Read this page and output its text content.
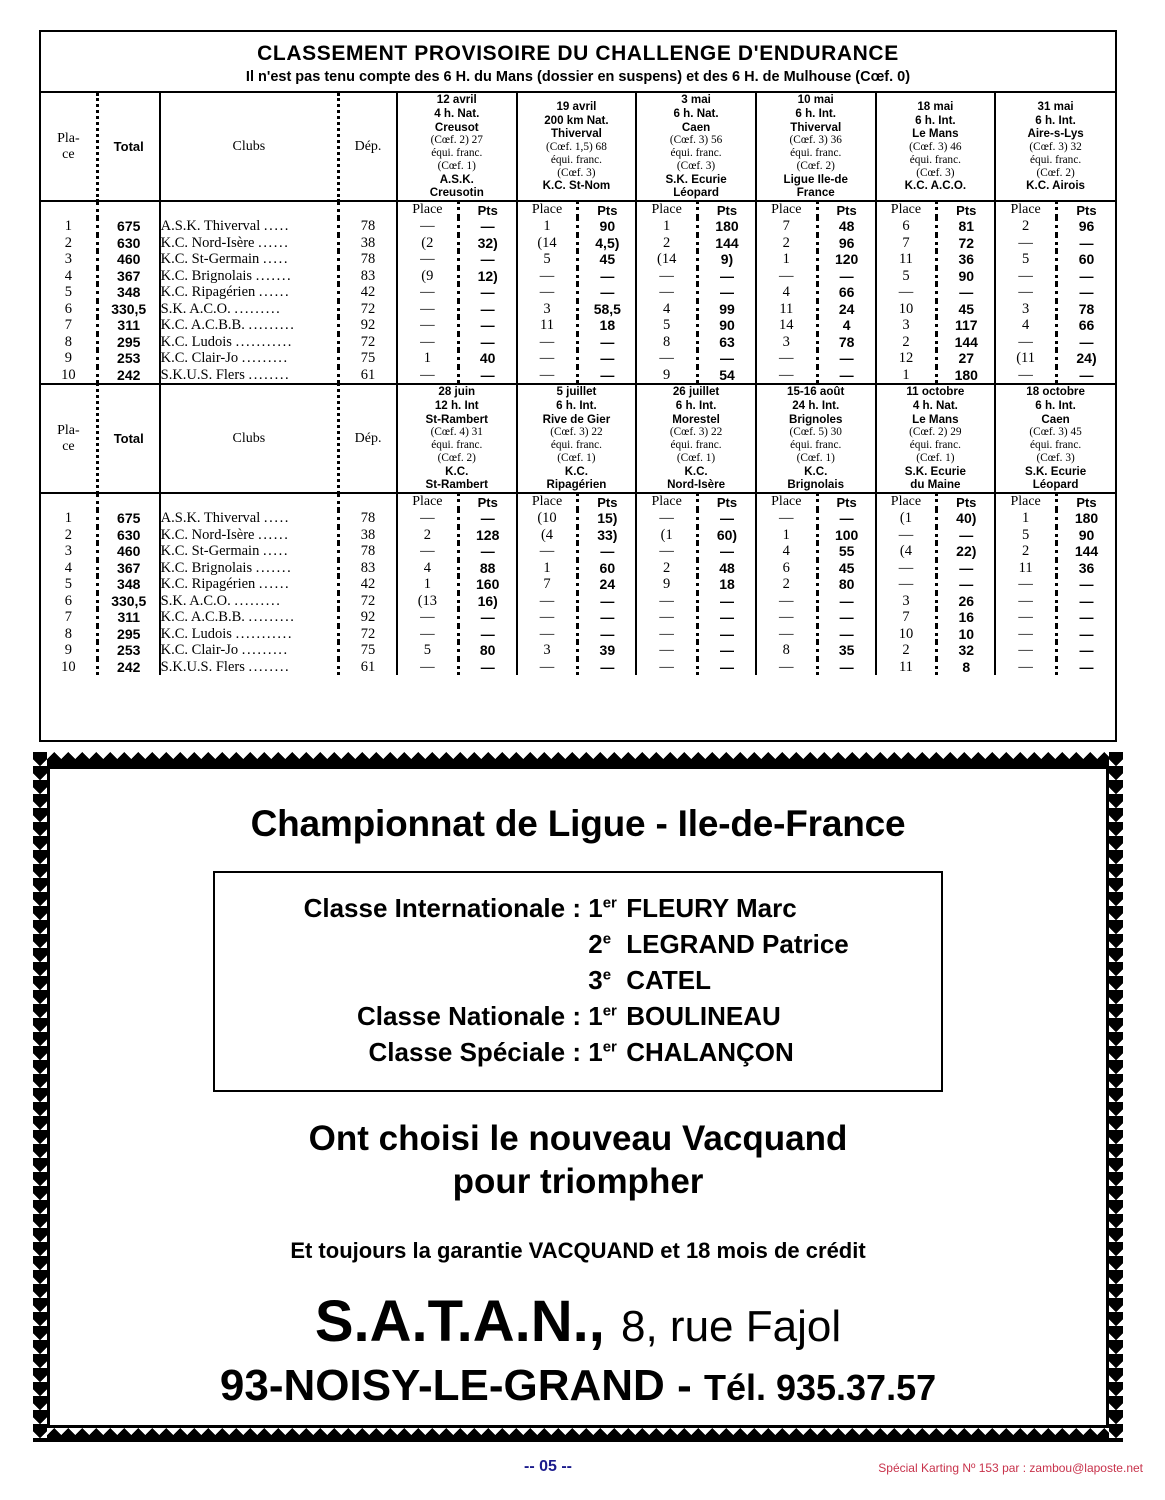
CLASSEMENT PROVISOIRE DU CHALLENGE D'ENDURANCE
Il n'est pas tenu compte des 6 H. du Mans (dossier en suspens) et des 6 H. de Mulhouse (Cœf. 0)
Pla-
ce	Total	Clubs	Dép.	12 avril
4 h. Nat.
Creusot
(Cœf. 2) 27
équi. franc.
(Cœf. 1)
A.S.K.
Creusotin	19 avril
200 km Nat.
Thiverval
(Cœf. 1,5) 68
équi. franc.
(Cœf. 3)
K.C. St-Nom	3 mai
6 h. Nat.
Caen
(Cœf. 3) 56
équi. franc.
(Cœf. 3)
S.K. Ecurie
Léopard	10 mai
6 h. Int.
Thiverval
(Cœf. 3) 36
équi. franc.
(Cœf. 2)
Ligue Ile-de
France	18 mai
6 h. Int.
Le Mans
(Cœf. 3) 46
équi. franc.
(Cœf. 3)
K.C. A.C.O.	31 mai
6 h. Int.
Aire-s-Lys
(Cœf. 3) 32
équi. franc.
(Cœf. 2)
K.C. Airois
				Place	Pts	Place	Pts	Place	Pts	Place	Pts	Place	Pts	Place	Pts
1	675	A.S.K. Thiverval .....	78	—	—	1	90	1	180	7	48	6	81	2	96
2	630	K.C. Nord-Isère ......	38	(2	32)	(14	4,5)	2	144	2	96	7	72	—	—
3	460	K.C. St-Germain .....	78	—	—	5	45	(14	9)	1	120	11	36	5	60
4	367	K.C. Brignolais .......	83	(9	12)	—	—	—	—	—	—	5	90	—	—
5	348	K.C. Ripagérien ......	42	—	—	—	—	—	—	4	66	—	—	—	—
6	330,5	S.K. A.C.O. .........	72	—	—	3	58,5	4	99	11	24	10	45	3	78
7	311	K.C. A.C.B.B. .........	92	—	—	11	18	5	90	14	4	3	117	4	66
8	295	K.C. Ludois ...........	72	—	—	—	—	8	63	3	78	2	144	—	—
9	253	K.C. Clair-Jo .........	75	1	40	—	—	—	—	—	—	12	27	(11	24)
10	242	S.K.U.S. Flers ........	61	—	—	—	—	9	54	—	—	1	180	—	—
Pla-
ce	Total	Clubs	Dép.	28 juin
12 h. Int
St-Rambert
(Cœf. 4) 31
équi. franc.
(Cœf. 2)
K.C.
St-Rambert	5 juillet
6 h. Int.
Rive de Gier
(Cœf. 3) 22
équi. franc.
(Cœf. 1)
K.C.
Ripagérien	26 juillet
6 h. Int.
Morestel
(Cœf. 3) 22
équi. franc.
(Cœf. 1)
K.C.
Nord-Isère	15-16 août
24 h. Int.
Brignoles
(Cœf. 5) 30
équi. franc.
(Cœf. 1)
K.C.
Brignolais	11 octobre
4 h. Nat.
Le Mans
(Cœf. 2) 29
équi. franc.
(Cœf. 1)
S.K. Ecurie
du Maine	18 octobre
6 h. Int.
Caen
(Cœf. 3) 45
équi. franc.
(Cœf. 3)
S.K. Ecurie
Léopard
				Place	Pts	Place	Pts	Place	Pts	Place	Pts	Place	Pts	Place	Pts
1	675	A.S.K. Thiverval .....	78	—	—	(10	15)	—	—	—	—	(1	40)	1	180
2	630	K.C. Nord-Isère ......	38	2	128	(4	33)	(1	60)	1	100	—	—	5	90
3	460	K.C. St-Germain .....	78	—	—	—	—	—	—	4	55	(4	22)	2	144
4	367	K.C. Brignolais .......	83	4	88	1	60	2	48	6	45	—	—	11	36
5	348	K.C. Ripagérien ......	42	1	160	7	24	9	18	2	80	—	—	—	—
6	330,5	S.K. A.C.O. .........	72	(13	16)	—	—	—	—	—	—	3	26	—	—
7	311	K.C. A.C.B.B. .........	92	—	—	—	—	—	—	—	—	7	16	—	—
8	295	K.C. Ludois ...........	72	—	—	—	—	—	—	—	—	10	10	—	—
9	253	K.C. Clair-Jo .........	75	5	80	3	39	—	—	8	35	2	32	—	—
10	242	S.K.U.S. Flers ........	61	—	—	—	—	—	—	—	—	11	8	—	—
Championnat de Ligue - Ile-de-France
Classe Internationale : 1er FLEURY Marc
2e LEGRAND Patrice
3e CATEL
Classe Nationale : 1er BOULINEAU
Classe Spéciale : 1er CHALANÇON
Ont choisi le nouveau Vacquand
pour triompher
Et toujours la garantie VACQUAND et 18 mois de crédit
S.A.T.A.N., 8, rue Fajol
93-NOISY-LE-GRAND - Tél. 935.37.57
-- 05 --	Spécial Karting Nº 153 par : zambou@laposte.net
